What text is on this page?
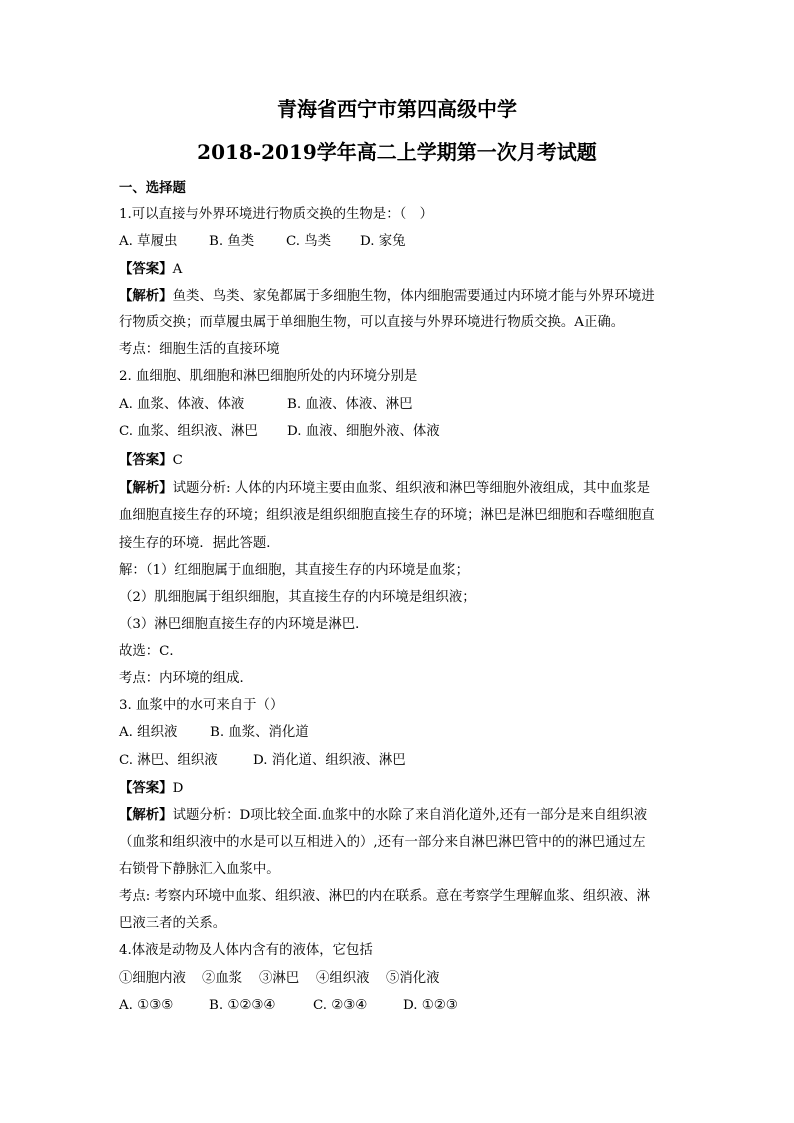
青海省西宁市第四高级中学
2018-2019学年高二上学期第一次月考试题
一、选择题
1.可以直接与外界环境进行物质交换的生物是：（　）
A. 草履虫 B. 鱼类 C. 鸟类 D. 家兔
【答案】A
【解析】鱼类、鸟类、家兔都属于多细胞生物，体内细胞需要通过内环境才能与外界环境进
行物质交换；而草履虫属于单细胞生物，可以直接与外界环境进行物质交换。A正确。
考点：细胞生活的直接环境
2. 血细胞、肌细胞和淋巴细胞所处的内环境分别是
A. 血浆、体液、体液	B. 血液、体液、淋巴
C. 血浆、组织液、淋巴 D. 血液、细胞外液、体液
【答案】C
【解析】试题分析: 人体的内环境主要由血浆、组织液和淋巴等细胞外液组成，其中血浆是
血细胞直接生存的环境；组织液是组织细胞直接生存的环境；淋巴是淋巴细胞和吞噬细胞直
接生存的环境．据此答题．
解：（1）红细胞属于血细胞，其直接生存的内环境是血浆；
（2）肌细胞属于组织细胞，其直接生存的内环境是组织液；
（3）淋巴细胞直接生存的内环境是淋巴．
故选：C．
考点：内环境的组成．
3. 血浆中的水可来自于（）
A. 组织液 B. 血浆、消化道
C. 淋巴、组织液	D. 消化道、组织液、淋巴
【答案】D
【解析】试题分析：D项比较全面.血浆中的水除了来自消化道外,还有一部分是来自组织液
（血浆和组织液中的水是可以互相进入的）,还有一部分来自淋巴淋巴管中的的淋巴通过左
右锁骨下静脉汇入血浆中。
考点: 考察内环境中血浆、组织液、淋巴的内在联系。意在考察学生理解血浆、组织液、淋
巴液三者的关系。
4.体液是动物及人体内含有的液体，它包括
①细胞内液 ②血浆 ③淋巴 ④组织液 ⑤消化液
A. ①③⑤	B. ①②③④	C. ②③④	D. ①②③
